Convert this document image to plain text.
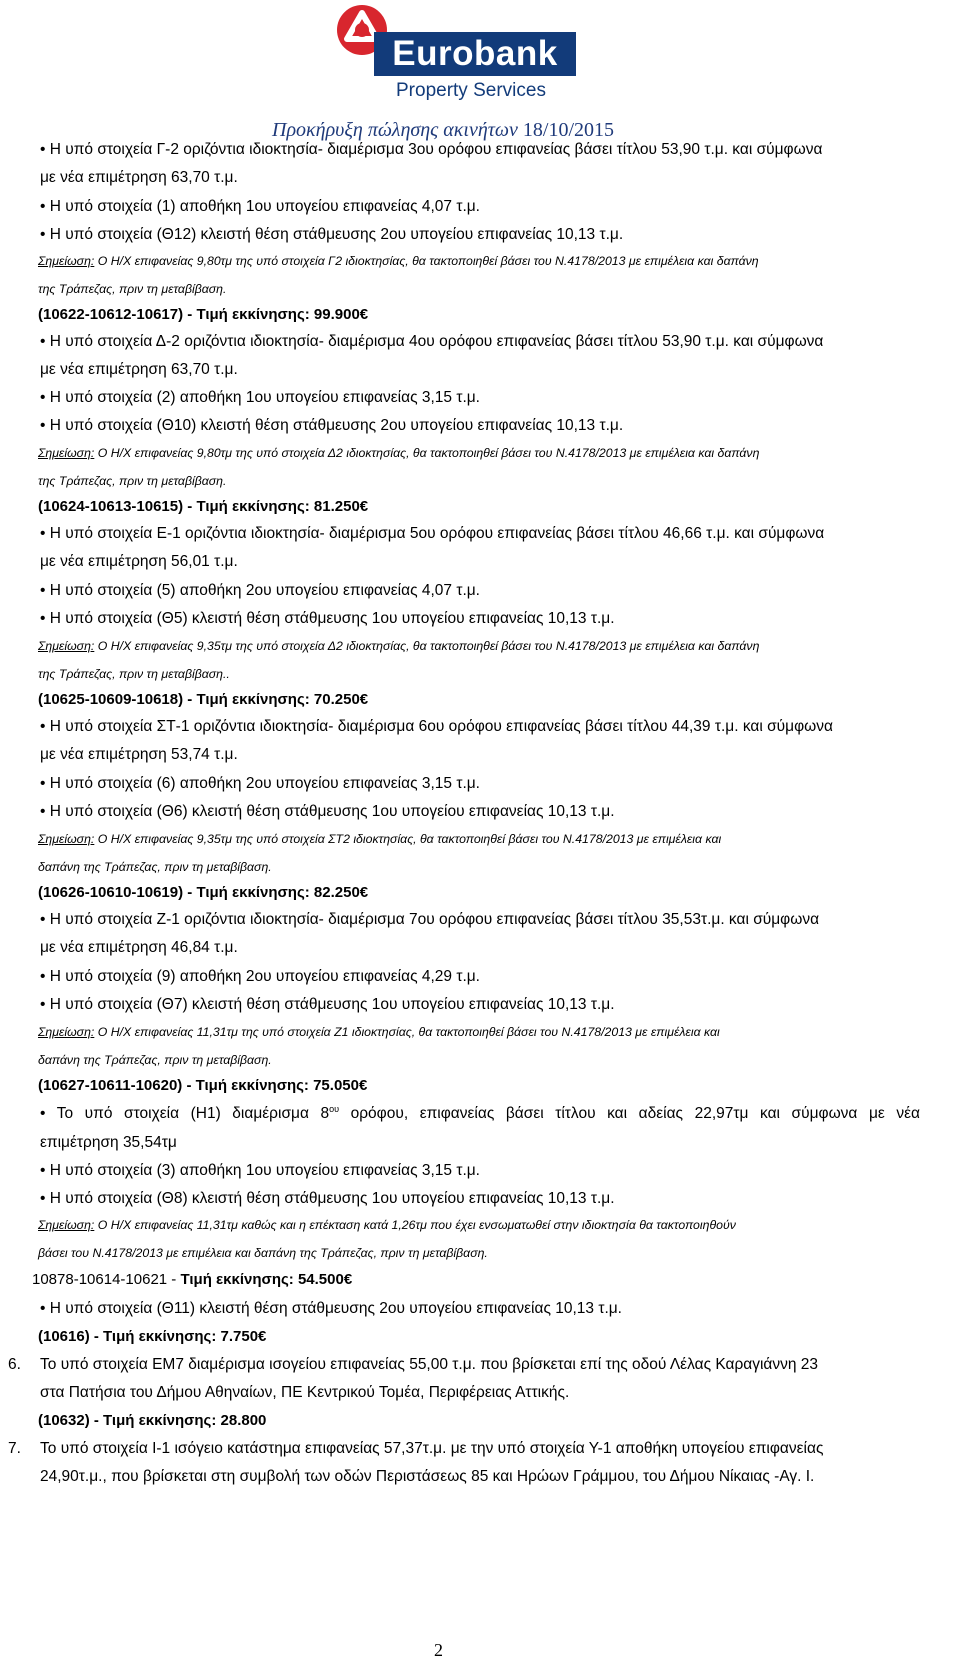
Eurobank
Property Services
Προκήρυξη πώλησης ακινήτων 18/10/2015
• Η υπό στοιχεία Γ-2 οριζόντια ιδιοκτησία- διαμέρισμα 3ου ορόφου επιφανείας βάσει τίτλου 53,90 τ.μ. και σύμφωνα
με νέα επιμέτρηση 63,70 τ.μ.
• Η υπό στοιχεία (1) αποθήκη 1ου υπογείου επιφανείας 4,07 τ.μ.
• Η υπό στοιχεία (Θ12) κλειστή θέση στάθμευσης 2ου υπογείου επιφανείας 10,13 τ.μ.
Σημείωση: Ο Η/Χ επιφανείας 9,80τμ της υπό στοιχεία Γ2 ιδιοκτησίας, θα τακτοποιηθεί βάσει του Ν.4178/2013 με επιμέλεια και δαπάνη
της Τράπεζας, πριν τη μεταβίβαση.
(10622-10612-10617) - Τιμή εκκίνησης: 99.900€
• Η υπό στοιχεία Δ-2 οριζόντια ιδιοκτησία- διαμέρισμα 4ου ορόφου επιφανείας βάσει τίτλου 53,90 τ.μ. και σύμφωνα
με νέα επιμέτρηση 63,70 τ.μ.
• Η υπό στοιχεία (2) αποθήκη 1ου υπογείου επιφανείας 3,15 τ.μ.
• Η υπό στοιχεία (Θ10) κλειστή θέση στάθμευσης 2ου υπογείου επιφανείας 10,13 τ.μ.
Σημείωση: Ο Η/Χ επιφανείας 9,80τμ της υπό στοιχεία Δ2 ιδιοκτησίας, θα τακτοποιηθεί βάσει του Ν.4178/2013 με επιμέλεια και δαπάνη
της Τράπεζας, πριν τη μεταβίβαση.
(10624-10613-10615) - Τιμή εκκίνησης: 81.250€
• Η υπό στοιχεία Ε-1 οριζόντια ιδιοκτησία- διαμέρισμα 5ου ορόφου επιφανείας βάσει τίτλου 46,66 τ.μ. και σύμφωνα
με νέα επιμέτρηση 56,01 τ.μ.
• Η υπό στοιχεία (5) αποθήκη 2ου υπογείου επιφανείας 4,07 τ.μ.
• Η υπό στοιχεία (Θ5) κλειστή θέση στάθμευσης 1ου υπογείου επιφανείας 10,13 τ.μ.
Σημείωση: Ο Η/Χ επιφανείας 9,35τμ της υπό στοιχεία Δ2 ιδιοκτησίας, θα τακτοποιηθεί βάσει του Ν.4178/2013 με επιμέλεια και δαπάνη
της Τράπεζας, πριν τη μεταβίβαση..
(10625-10609-10618) - Τιμή εκκίνησης: 70.250€
• Η υπό στοιχεία ΣΤ-1 οριζόντια ιδιοκτησία- διαμέρισμα 6ου ορόφου επιφανείας βάσει τίτλου 44,39 τ.μ. και σύμφωνα
με νέα επιμέτρηση 53,74 τ.μ.
• Η υπό στοιχεία (6) αποθήκη 2ου υπογείου επιφανείας 3,15 τ.μ.
• Η υπό στοιχεία (Θ6) κλειστή θέση στάθμευσης 1ου υπογείου επιφανείας 10,13 τ.μ.
Σημείωση: Ο Η/Χ επιφανείας 9,35τμ της υπό στοιχεία ΣΤ2 ιδιοκτησίας, θα τακτοποιηθεί βάσει του Ν.4178/2013 με επιμέλεια και
δαπάνη της Τράπεζας, πριν τη μεταβίβαση.
(10626-10610-10619) - Τιμή εκκίνησης: 82.250€
• Η υπό στοιχεία Ζ-1 οριζόντια ιδιοκτησία- διαμέρισμα 7ου ορόφου επιφανείας βάσει τίτλου 35,53τ.μ. και σύμφωνα
με νέα επιμέτρηση 46,84 τ.μ.
• Η υπό στοιχεία (9) αποθήκη 2ου υπογείου επιφανείας 4,29 τ.μ.
• Η υπό στοιχεία (Θ7) κλειστή θέση στάθμευσης 1ου υπογείου επιφανείας 10,13 τ.μ.
Σημείωση: Ο Η/Χ επιφανείας 11,31τμ της υπό στοιχεία Ζ1 ιδιοκτησίας, θα τακτοποιηθεί βάσει του Ν.4178/2013 με επιμέλεια και
δαπάνη της Τράπεζας, πριν τη μεταβίβαση.
(10627-10611-10620) - Τιμή εκκίνησης: 75.050€
• Το υπό στοιχεία (Η1) διαμέρισμα $8^{o\upsilon}$ ορόφου, επιφανείας βάσει τίτλου και αδείας 22,97τμ και σύμφωνα με νέα
επιμέτρηση 35,54τμ
• Η υπό στοιχεία (3) αποθήκη 1ου υπογείου επιφανείας 3,15 τ.μ.
• Η υπό στοιχεία (Θ8) κλειστή θέση στάθμευσης 1ου υπογείου επιφανείας 10,13 τ.μ.
Σημείωση: Ο Η/Χ επιφανείας 11,31τμ καθώς και η επέκταση κατά 1,26τμ που έχει ενσωματωθεί στην ιδιοκτησία θα τακτοποιηθούν
βάσει του Ν.4178/2013 με επιμέλεια και δαπάνη της Τράπεζας, πριν τη μεταβίβαση.
10878-10614-10621 - Τιμή εκκίνησης: 54.500€
• Η υπό στοιχεία (Θ11) κλειστή θέση στάθμευσης 2ου υπογείου επιφανείας 10,13 τ.μ.
(10616) - Τιμή εκκίνησης: 7.750€
6. Το υπό στοιχεία ΕΜ7 διαμέρισμα ισογείου επιφανείας 55,00 τ.μ. που βρίσκεται επί της οδού Λέλας Καραγιάννη 23
στα Πατήσια του Δήμου Αθηναίων, ΠΕ Κεντρικού Τομέα, Περιφέρειας Αττικής.
(10632) - Τιμή εκκίνησης: 28.800
7. Το υπό στοιχεία Ι-1 ισόγειο κατάστημα επιφανείας 57,37τ.μ. με την υπό στοιχεία Υ-1 αποθήκη υπογείου επιφανείας
24,90τ.μ., που βρίσκεται στη συμβολή των οδών Περιστάσεως 85 και Ηρώων Γράμμου, του Δήμου Νίκαιας -Αγ. Ι.
2
